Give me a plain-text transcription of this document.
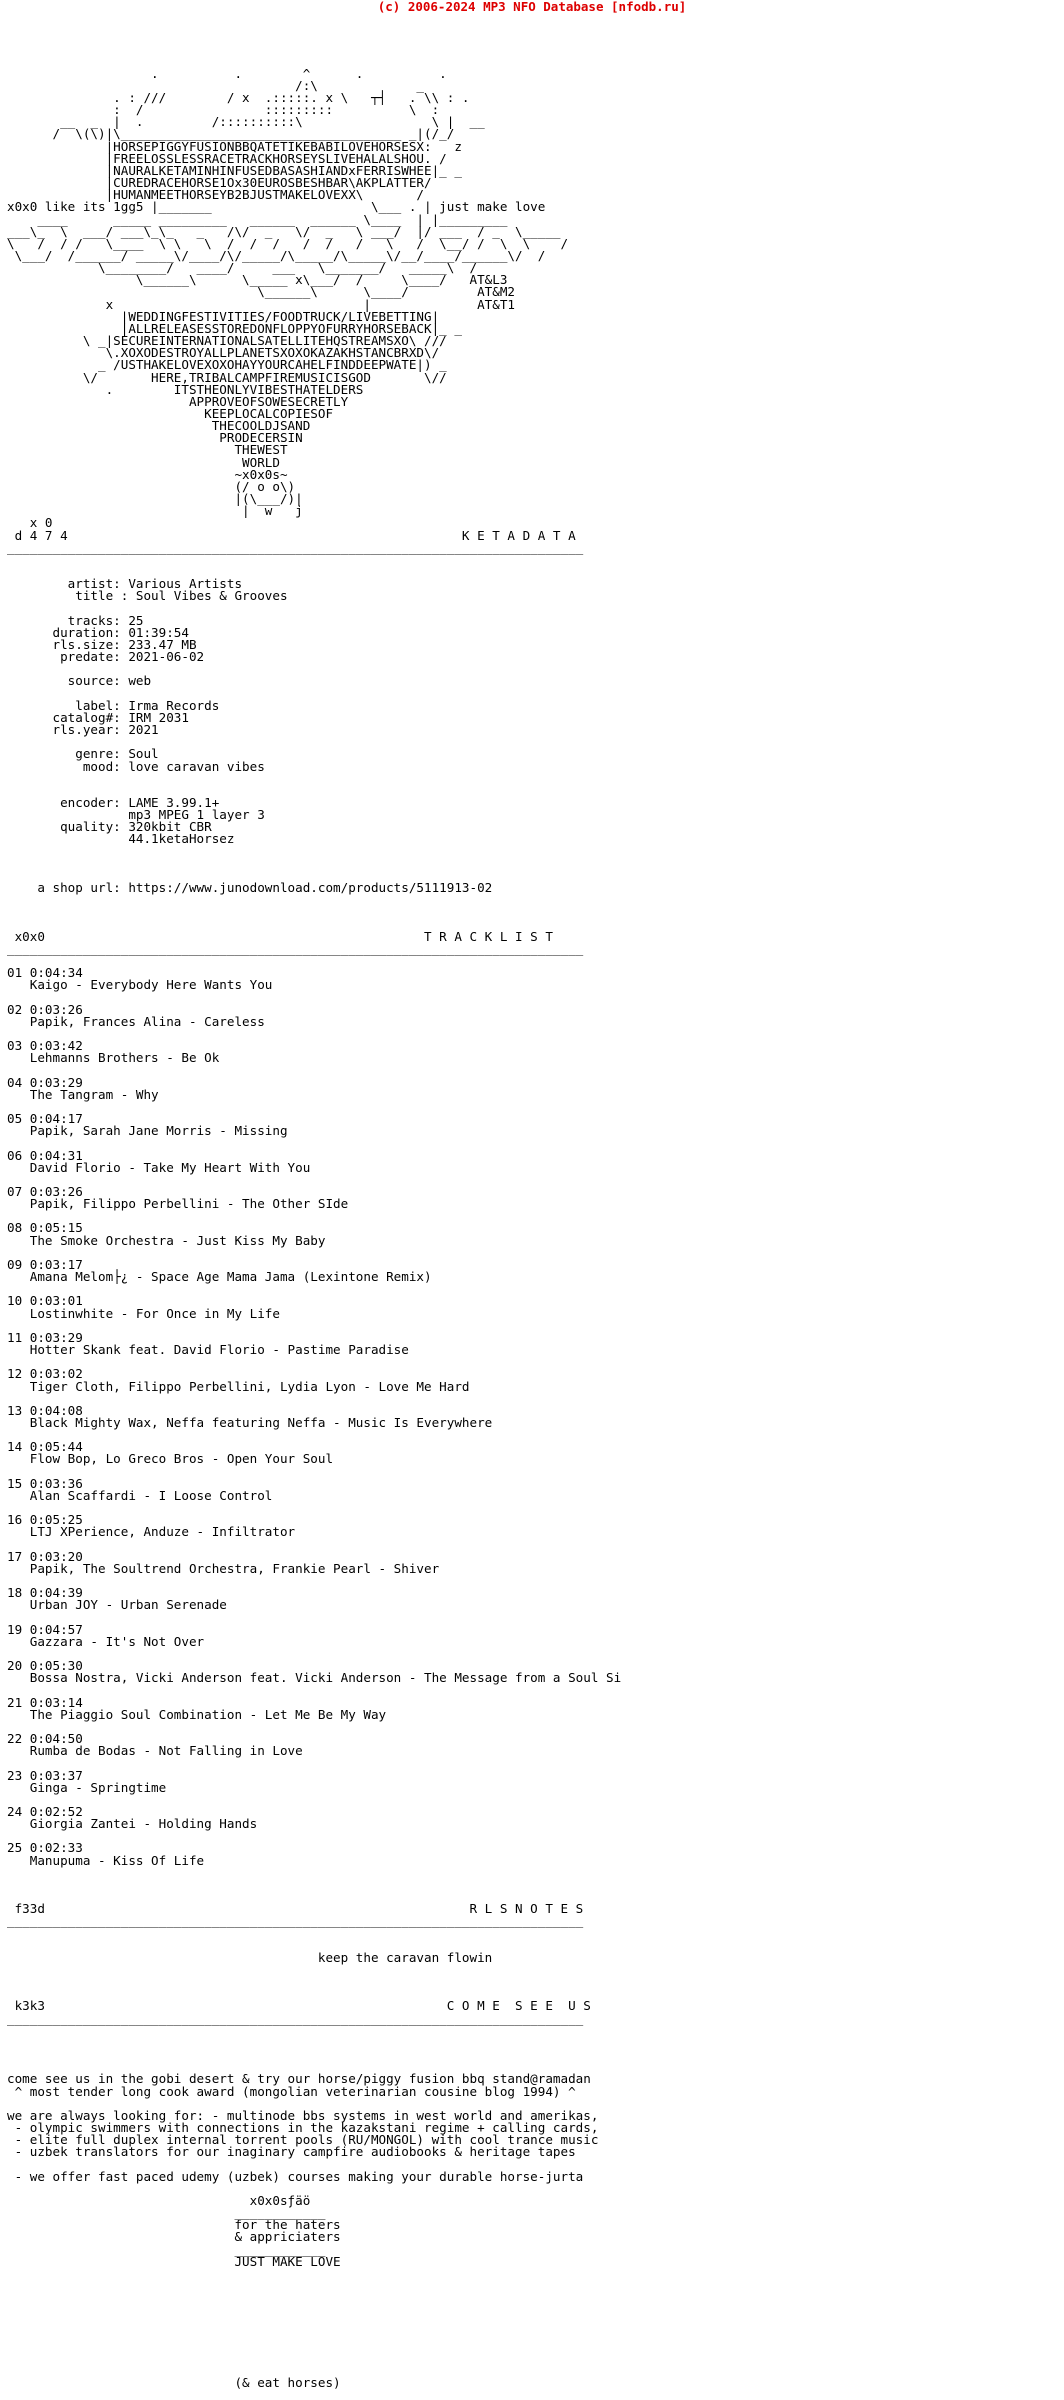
(c) 2006-2024 MP3 NFO Database [nfodb.ru]

.          .        ^      .          .
/:\             _
. : ///        / x  .:::::. x \   ┬┤   . \\ : .
:  /                :::::::::          \  :
__  _  |  .         /::::::::::\                 \ |  __
/  \(\)|\_____________________________________ _|(/_/
|HORSEPIGGYFUSIONBBQATETIKEBABILOVEHORSESX:   z
|FREELOSSLESSRACETRACKHORSEYSLIVEHALALSHOU. /
|NAURALKETAMINHINFUSEDBASASHIANDxFERRISWHEE|_ _
|CUREDRACEHORSE1Ox30EUROSBESHBAR\AKPLATTER/
|HUMANMEETHORSEYB2BJUSTMAKELOVEXX\       /
x0x0 like its 1gg5 |_______                     \___ . | just make love
____      _____ _________   ______  ______ \____  | |_________
___\_  \  ___/ ___\_\_   _   /\/  _   \/  _   \ ___/  |/ ___  / _  \_____
\   /  / /   \____  \ \   \  /  /  /   /  /   /   \   /  \__/ /  \  \    /
\___/  /______/ _____\/____/\/_____/\_____/\_____\/__/____/______\/  /
\________/   ____/     ___   \_______/   _____\  /
\______\      \_____ x\___/  /     \____/   AT&L3
\______\      \____/         AT&M2
x                                 |              AT&T1
|WEDDINGFESTIVITIES/FOODTRUCK/LIVEBETTING|
|ALLRELEASESSTOREDONFLOPPYOFURRYHORSEBACK|_ _
\ _|SECUREINTERNATIONALSATELLITEHQSTREAMSXO\ ///
\.XOXODESTROYALLPLANETSXOXOKAZAKHSTANCBRXD\/
_ /USTHAKELOVEXOXOHAYYOURCAHELFINDDEEPWATE|) _
\/       HERE,TRIBALCAMPFIREMUSICISGOD       \//
.        ITSTHEONLYVIBESTHATELDERS
APPROVEOFSOWESECRETLY
KEEPLOCALCOPIESOF
THECOOLDJSAND
PRODECERSIN
THEWEST
WORLD
~x0x0s~
(/ o o\)
|(\___/)|
|  w   j
x 0
d 4 7 4                                                    K E T A D A T A
____________________________________________________________________________

artist: Various Artists
title : Soul Vibes & Grooves

tracks: 25
duration: 01:39:54
rls.size: 233.47 MB
predate: 2021-06-02

source: web

label: Irma Records
catalog#: IRM 2031
rls.year: 2021

genre: Soul
mood: love caravan vibes

encoder: LAME 3.99.1+
mp3 MPEG 1 layer 3
quality: 320kbit CBR
44.1ketaHorsez

a shop url: https://www.junodownload.com/products/5111913-02

x0x0                                                  T R A C K L I S T
____________________________________________________________________________

01 0:04:34
Kaigo - Everybody Here Wants You

02 0:03:26
Papik, Frances Alina - Careless

03 0:03:42
Lehmanns Brothers - Be Ok

04 0:03:29
The Tangram - Why

05 0:04:17
Papik, Sarah Jane Morris - Missing

06 0:04:31
David Florio - Take My Heart With You

07 0:03:26
Papik, Filippo Perbellini - The Other SIde

08 0:05:15
The Smoke Orchestra - Just Kiss My Baby

09 0:03:17
Amana Melom├¿ - Space Age Mama Jama (Lexintone Remix)

10 0:03:01
Lostinwhite - For Once in My Life

11 0:03:29
Hotter Skank feat. David Florio - Pastime Paradise

12 0:03:02
Tiger Cloth, Filippo Perbellini, Lydia Lyon - Love Me Hard

13 0:04:08
Black Mighty Wax, Neffa featuring Neffa - Music Is Everywhere

14 0:05:44
Flow Bop, Lo Greco Bros - Open Your Soul

15 0:03:36
Alan Scaffardi - I Loose Control

16 0:05:25
LTJ XPerience, Anduze - Infiltrator

17 0:03:20
Papik, The Soultrend Orchestra, Frankie Pearl - Shiver

18 0:04:39
Urban JOY - Urban Serenade

19 0:04:57
Gazzara - It's Not Over

20 0:05:30
Bossa Nostra, Vicki Anderson feat. Vicki Anderson - The Message from a Soul Si

21 0:03:14
The Piaggio Soul Combination - Let Me Be My Way

22 0:04:50
Rumba de Bodas - Not Falling in Love

23 0:03:37
Ginga - Springtime

24 0:02:52
Giorgia Zantei - Holding Hands

25 0:02:33
Manupuma - Kiss Of Life

f33d                                                        R L S N O T E S
____________________________________________________________________________

keep the caravan flowin

k3k3                                                     C O M E  S E E  U S
____________________________________________________________________________

come see us in the gobi desert & try our horse/piggy fusion bbq stand@ramadan
^ most tender long cook award (mongolian veterinarian cousine blog 1994) ^

we are always looking for: - multinode bbs systems in west world and amerikas,
- olympic swimmers with connections in the kazakstani regime + calling cards,
- elite full duplex internal torrent pools (RU/MONGOL) with cool trance music
- uzbek translators for our inaginary campfire audiobooks & heritage tapes

- we offer fast paced udemy (uzbek) courses making your durable horse-jurta

x0x0sƒäö
____________
for the haters
& appriciaters
____________
JUST MAKE LOVE

(& eat horses)
